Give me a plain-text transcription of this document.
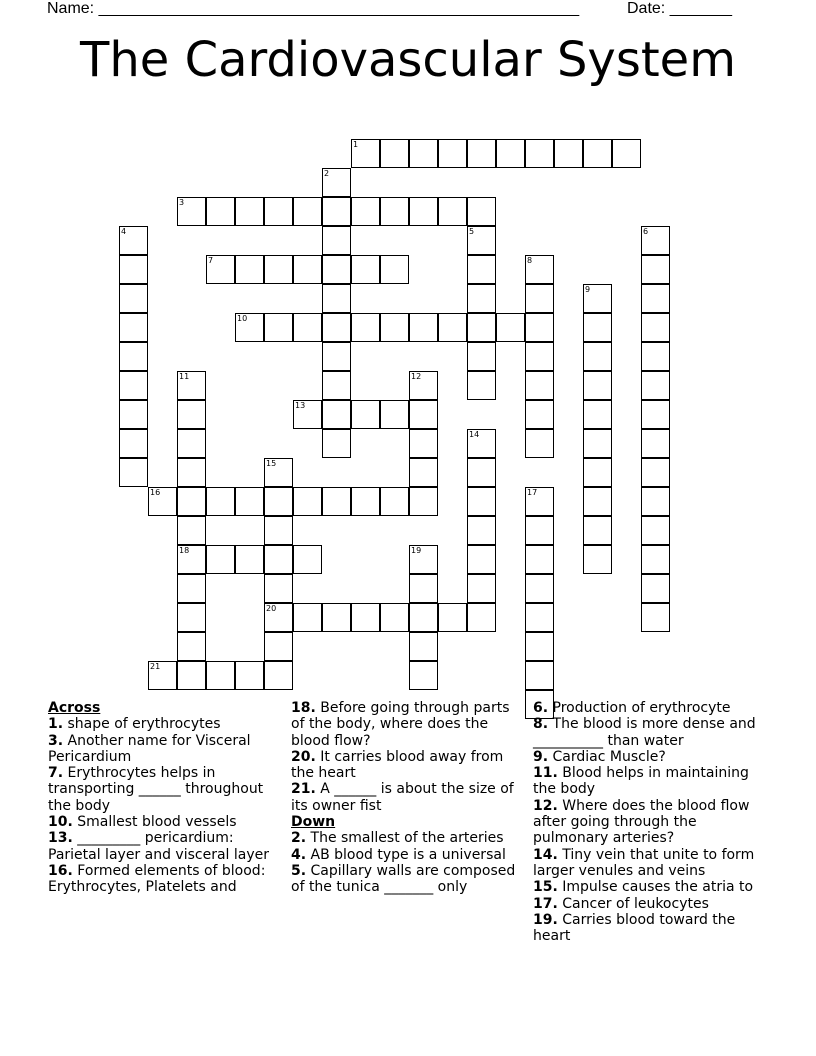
Name: ______________________________________________________	Date: _______
The Cardiovascular System
1
2
3
4	5	6
7	8
9
10
11
18
12
13
14
15
20
16	17
19
21
Across
1. shape of erythrocytes
3. Another name for Visceral Pericardium
7. Erythrocytes helps in transporting ______ throughout the body
10. Smallest blood vessels
13. _________ pericardium: Parietal layer and visceral layer
16. Formed elements of blood: Erythrocytes, Platelets and
18. Before going through parts of the body, where does the blood flow?
20. It carries blood away from the heart
21. A ______ is about the size of its owner fist
Down
2. The smallest of the arteries
4. AB blood type is a universal
5. Capillary walls are composed of the tunica _______ only
6. Production of erythrocyte
8. The blood is more dense and __________ than water
9. Cardiac Muscle?
11. Blood helps in maintaining the body
12. Where does the blood flow after going through the pulmonary arteries?
14. Tiny vein that unite to form larger venules and veins
15. Impulse causes the atria to
17. Cancer of leukocytes
19. Carries blood toward the heart
